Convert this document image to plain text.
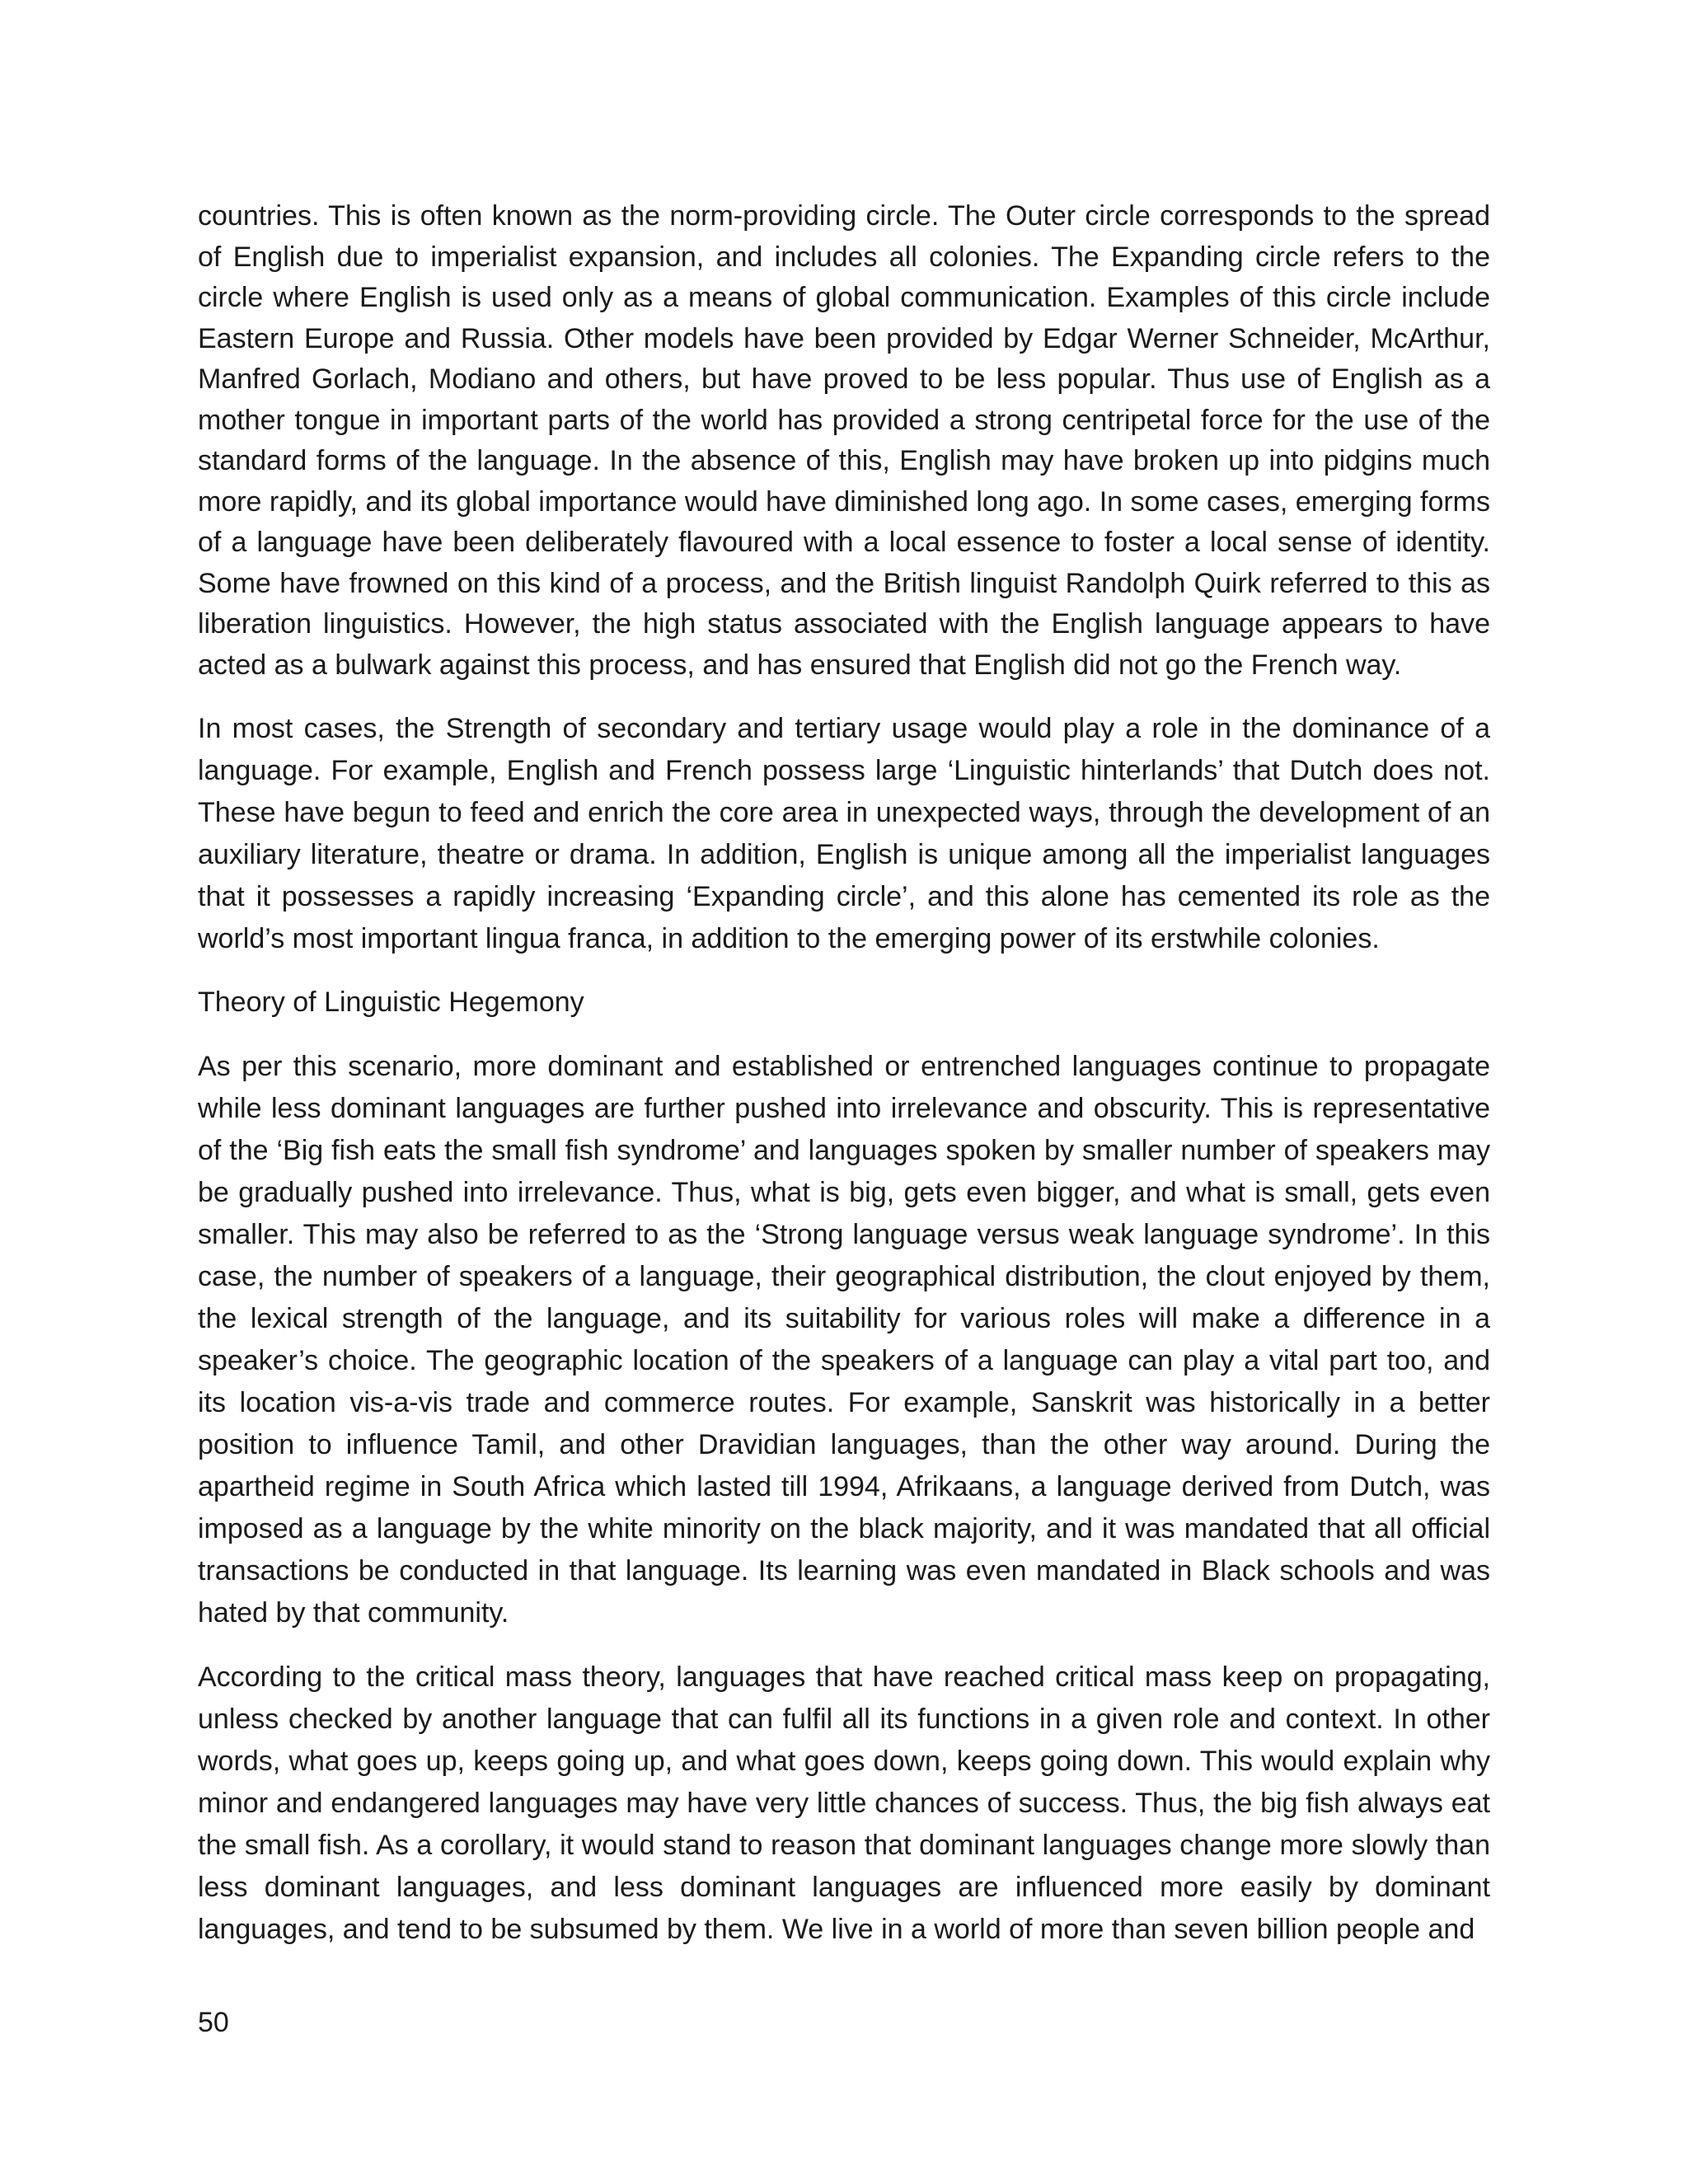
countries. This is often known as the norm-providing circle. The Outer circle corresponds to the spread of English due to imperialist expansion, and includes all colonies. The Expanding circle refers to the circle where English is used only as a means of global communication. Examples of this circle include Eastern Europe and Russia. Other models have been provided by Edgar Werner Schneider, McArthur, Manfred Gorlach, Modiano and others, but have proved to be less popular. Thus use of English as a mother tongue in important parts of the world has provided a strong centripetal force for the use of the standard forms of the language. In the absence of this, English may have broken up into pidgins much more rapidly, and its global importance would have diminished long ago. In some cases, emerging forms of a language have been deliberately flavoured with a local essence to foster a local sense of identity. Some have frowned on this kind of a process, and the British linguist Randolph Quirk referred to this as liberation linguistics. However, the high status associated with the English language appears to have acted as a bulwark against this process, and has ensured that English did not go the French way.

In most cases, the Strength of secondary and tertiary usage would play a role in the dominance of a language. For example, English and French possess large ‘Linguistic hinterlands’ that Dutch does not. These have begun to feed and enrich the core area in unexpected ways, through the development of an auxiliary literature, theatre or drama. In addition, English is unique among all the imperialist languages that it possesses a rapidly increasing ‘Expanding circle’, and this alone has cemented its role as the world’s most important lingua franca, in addition to the emerging power of its erstwhile colonies.

Theory of Linguistic Hegemony

As per this scenario, more dominant and established or entrenched languages continue to propagate while less dominant languages are further pushed into irrelevance and obscurity. This is representative of the ‘Big fish eats the small fish syndrome’ and languages spoken by smaller number of speakers may be gradually pushed into irrelevance. Thus, what is big, gets even bigger, and what is small, gets even smaller. This may also be referred to as the ‘Strong language versus weak language syndrome’. In this case, the number of speakers of a language, their geographical distribution, the clout enjoyed by them, the lexical strength of the language, and its suitability for various roles will make a difference in a speaker’s choice. The geographic location of the speakers of a language can play a vital part too, and its location vis-a-vis trade and commerce routes. For example, Sanskrit was historically in a better position to influence Tamil, and other Dravidian languages, than the other way around. During the apartheid regime in South Africa which lasted till 1994, Afrikaans, a language derived from Dutch, was imposed as a language by the white minority on the black majority, and it was mandated that all official transactions be conducted in that language. Its learning was even mandated in Black schools and was hated by that community.

According to the critical mass theory, languages that have reached critical mass keep on propagating, unless checked by another language that can fulfil all its functions in a given role and context. In other words, what goes up, keeps going up, and what goes down, keeps going down. This would explain why minor and endangered languages may have very little chances of success. Thus, the big fish always eat the small fish. As a corollary, it would stand to reason that dominant languages change more slowly than less dominant languages, and less dominant languages are influenced more easily by dominant languages, and tend to be subsumed by them. We live in a world of more than seven billion people and

50
